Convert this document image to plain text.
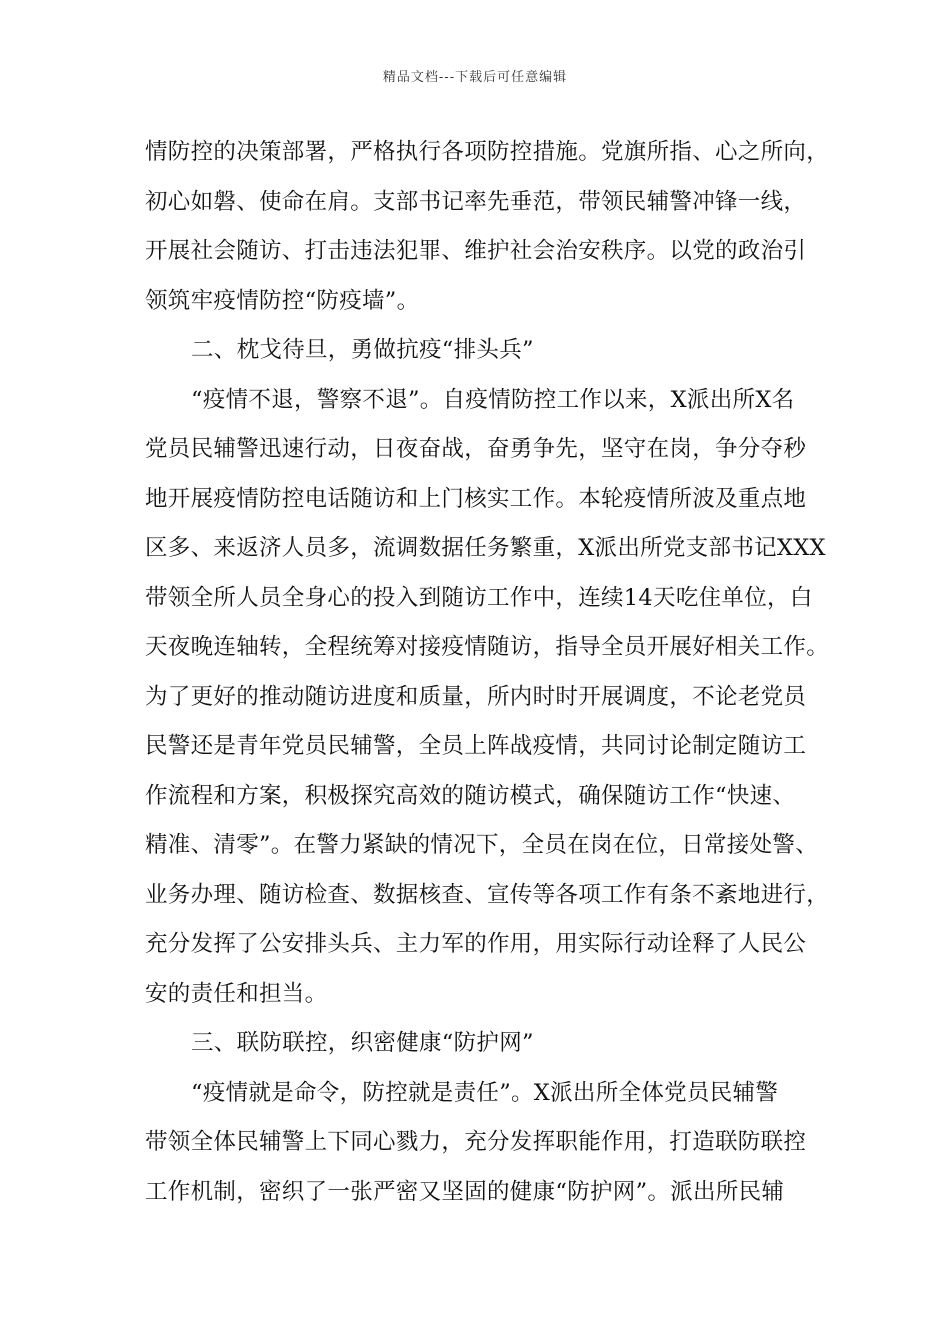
精品文档---下载后可任意编辑
情防控的决策部署，严格执行各项防控措施。党旗所指、心之所向，
初心如磐、使命在肩。支部书记率先垂范，带领民辅警冲锋一线，
开展社会随访、打击违法犯罪、维护社会治安秩序。以党的政治引
领筑牢疫情防控“防疫墙”。
二、枕戈待旦，勇做抗疫“排头兵”
“疫情不退，警察不退”。自疫情防控工作以来，X派出所X名
党员民辅警迅速行动，日夜奋战，奋勇争先，坚守在岗，争分夺秒
地开展疫情防控电话随访和上门核实工作。本轮疫情所波及重点地
区多、来返济人员多，流调数据任务繁重，X派出所党支部书记XXX
带领全所人员全身心的投入到随访工作中，连续14天吃住单位，白
天夜晚连轴转，全程统筹对接疫情随访，指导全员开展好相关工作。
为了更好的推动随访进度和质量，所内时时开展调度，不论老党员
民警还是青年党员民辅警，全员上阵战疫情，共同讨论制定随访工
作流程和方案，积极探究高效的随访模式，确保随访工作“快速、
精准、清零”。在警力紧缺的情况下，全员在岗在位，日常接处警、
业务办理、随访检查、数据核查、宣传等各项工作有条不紊地进行，
充分发挥了公安排头兵、主力军的作用，用实际行动诠释了人民公
安的责任和担当。
三、联防联控，织密健康“防护网”
“疫情就是命令，防控就是责任”。X派出所全体党员民辅警
带领全体民辅警上下同心戮力，充分发挥职能作用，打造联防联控
工作机制，密织了一张严密又坚固的健康“防护网”。派出所民辅
